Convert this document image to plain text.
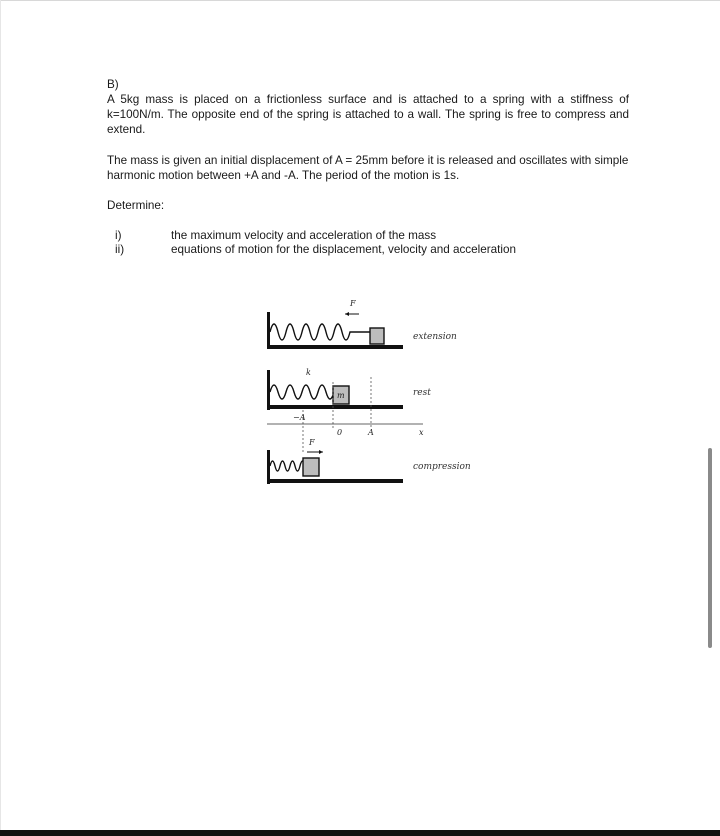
B)
A 5kg mass is placed on a frictionless surface and is attached to a spring with a stiffness of k=100N/m. The opposite end of the spring is attached to a wall. The spring is free to compress and extend.
The mass is given an initial displacement of A = 25mm before it is released and oscillates with simple harmonic motion between +A and -A. The period of the motion is 1s.
Determine:
i)	the maximum velocity and acceleration of the mass
ii)	equations of motion for the displacement, velocity and acceleration
F
extension
k
m	rest
−A
0	A	x
F
compression
